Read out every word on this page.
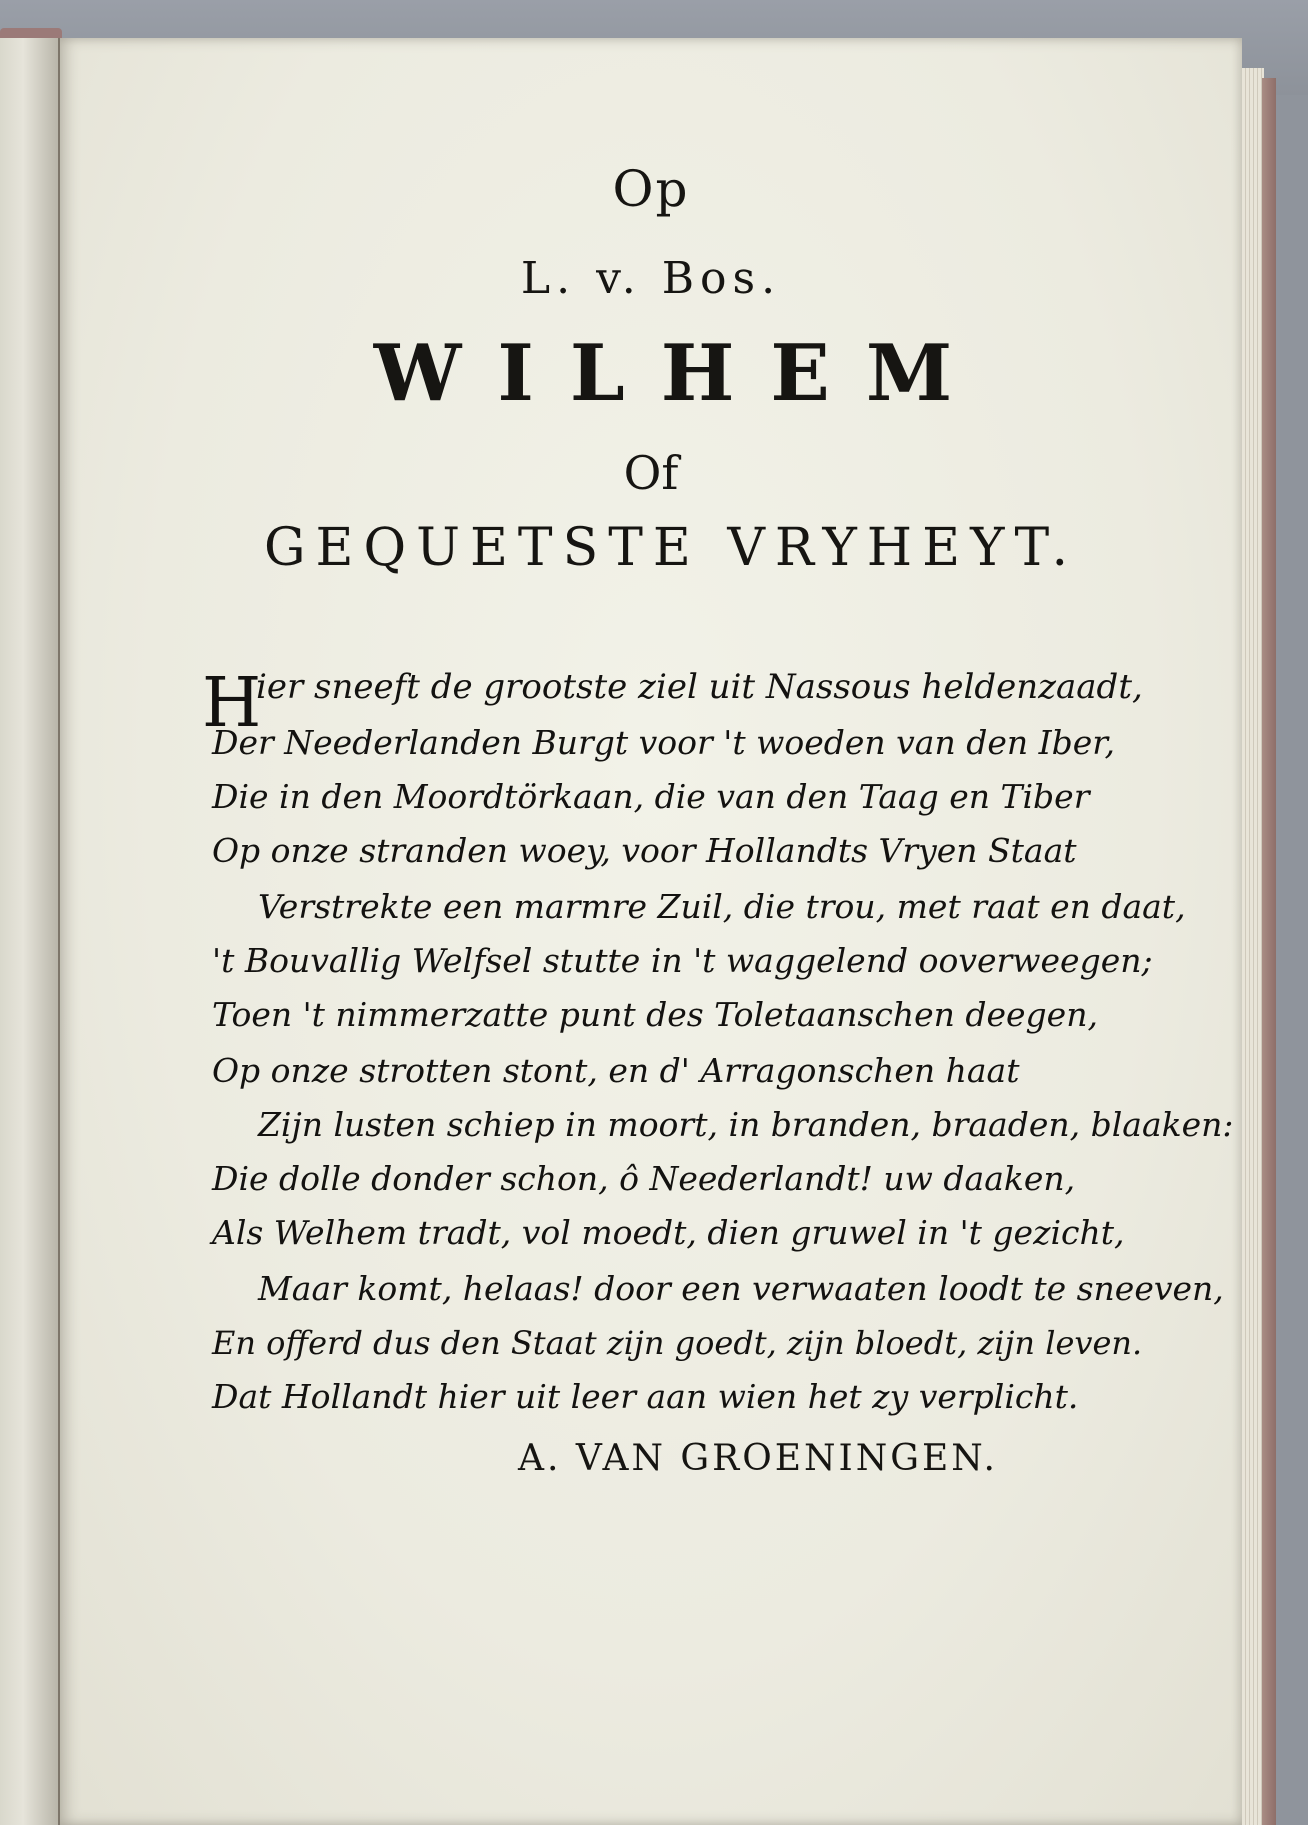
Op
L. v. Bos.
WILHEM
Of
GEQUETSTE VRYHEYT.
H
ier sneeft de grootste ziel uit Nassous heldenzaadt,
Der Neederlanden Burgt voor 't woeden van den Iber,
Die in den Moordtörkaan, die van den Taag en Tiber
Op onze stranden woey, voor Hollandts Vryen Staat
Verstrekte een marmre Zuil, die trou, met raat en daat,
't Bouvallig Welfsel stutte in 't waggelend ooverweegen;
Toen 't nimmerzatte punt des Toletaanschen deegen,
Op onze strotten stont, en d' Arragonschen haat
Zijn lusten schiep in moort, in branden, braaden, blaaken:
Die dolle donder schon, ô Neederlandt! uw daaken,
Als Welhem tradt, vol moedt, dien gruwel in 't gezicht,
Maar komt, helaas! door een verwaaten loodt te sneeven,
En offerd dus den Staat zijn goedt, zijn bloedt, zijn leven.
Dat Hollandt hier uit leer aan wien het zy verplicht.
A. VAN GROENINGEN.
